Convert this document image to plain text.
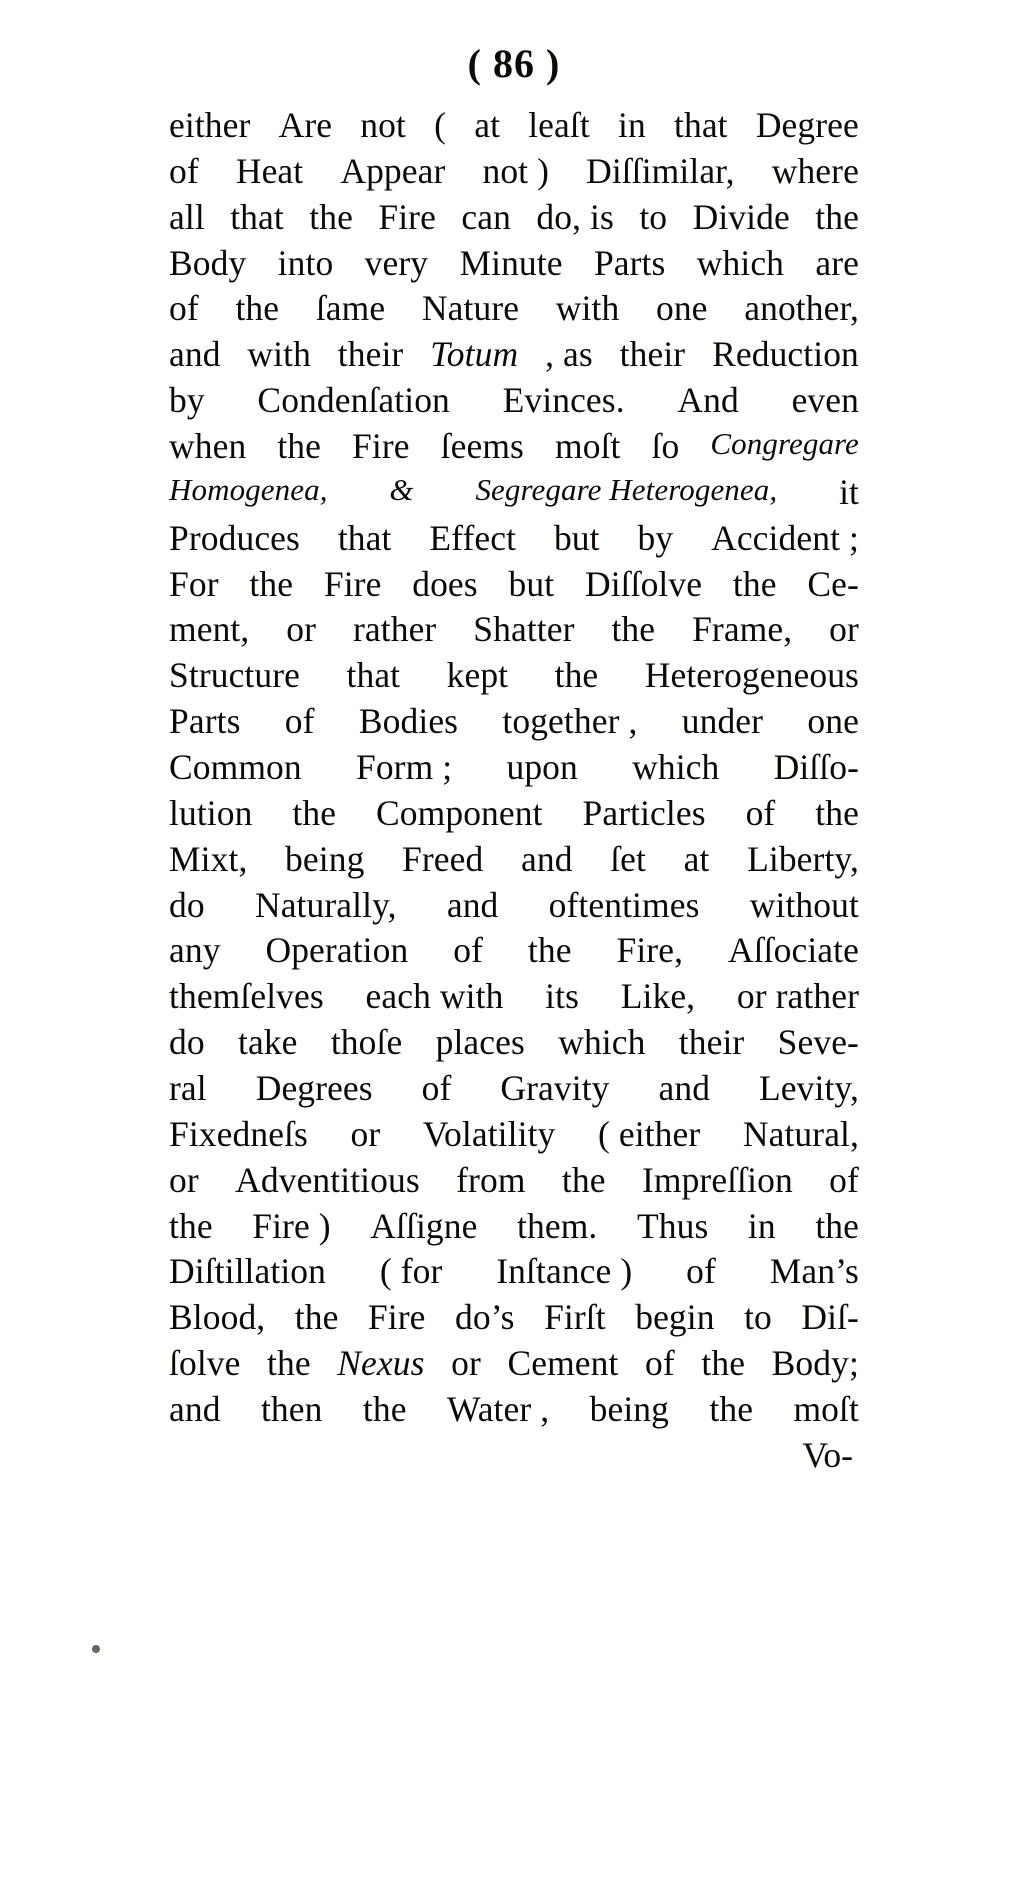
( 86 )
either Are not ( at leaſt in that Degree
of Heat Appear not ) Diſſimilar, where
all that the Fire can do, is to Divide the
Body into very Minute Parts which are
of the ſame Nature with one another,
and with their Totum , as their Reduction
by Condenſation Evinces. And even
when the Fire ſeems moſt ſo Congregare
Homogenea, & Segregare Heterogenea, it
Produces that Effect but by Accident ;
For the Fire does but Diſſolve the Ce-
ment, or rather Shatter the Frame, or
Structure that kept the Heterogeneous
Parts of Bodies together , under one
Common Form ; upon which Diſſo-
lution the Component Particles of the
Mixt, being Freed and ſet at Liberty,
do Naturally, and oftentimes without
any Operation of the Fire, Aſſociate
themſelves each with its Like, or rather
do take thoſe places which their Seve-
ral Degrees of Gravity and Levity,
Fixedneſs or Volatility ( either Natural,
or Adventitious from the Impreſſion of
the Fire ) Aſſigne them. Thus in the
Diſtillation ( for Inſtance ) of Man’s
Blood, the Fire do’s Firſt begin to Diſ-
ſolve the Nexus or Cement of the Body;
and then the Water , being the moſt
Vo-
